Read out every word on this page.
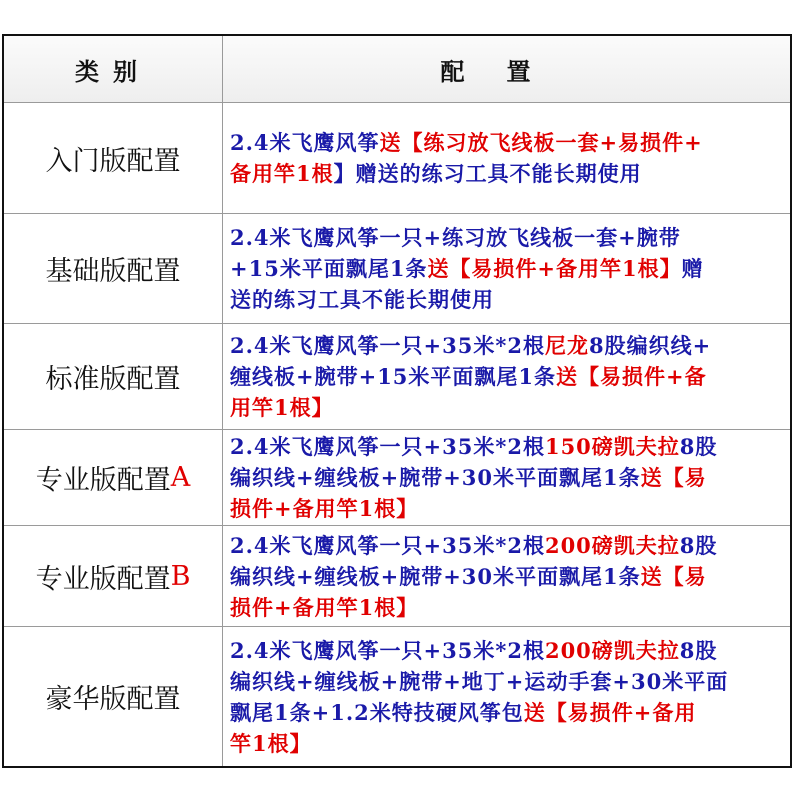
类别	配置
入门版配置
2.4米飞鹰风筝送【练习放飞线板一套+易损件+
备用竿1根】赠送的练习工具不能长期使用
基础版配置
2.4米飞鹰风筝一只+练习放飞线板一套+腕带
+15米平面飘尾1条送【易损件+备用竿1根】赠
送的练习工具不能长期使用
标准版配置
2.4米飞鹰风筝一只+35米*2根尼龙8股编织线+
缠线板+腕带+15米平面飘尾1条送【易损件+备
用竿1根】
专业版配置 A
2.4米飞鹰风筝一只+35米*2根150磅凯夫拉8股
编织线+缠线板+腕带+30米平面飘尾1条送【易
损件+备用竿1根】
专业版配置 B
2.4米飞鹰风筝一只+35米*2根200磅凯夫拉8股
编织线+缠线板+腕带+30米平面飘尾1条送【易
损件+备用竿1根】
豪华版配置
2.4米飞鹰风筝一只+35米*2根200磅凯夫拉8股
编织线+缠线板+腕带+地丁+运动手套+30米平面
飘尾1条+1.2米特技硬风筝包送【易损件+备用
竿1根】
